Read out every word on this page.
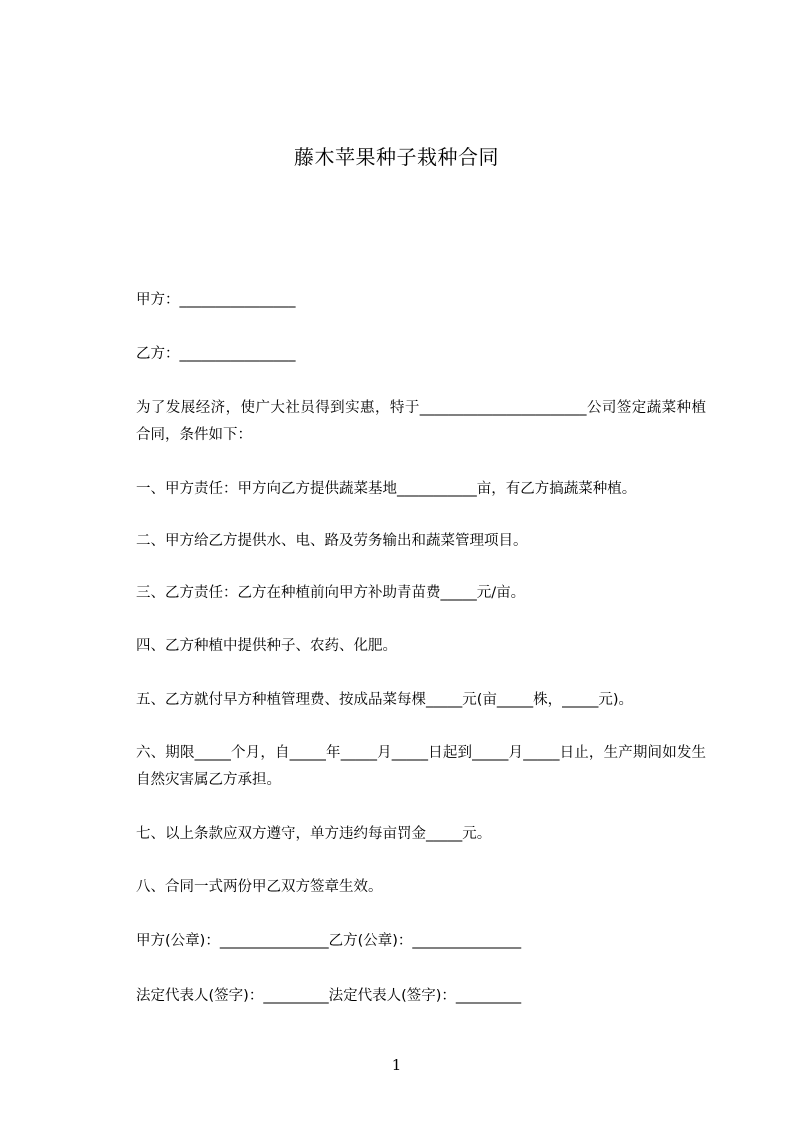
藤木苹果种子栽种合同
甲方：________________
乙方：________________
为了发展经济，使广大社员得到实惠，特于_______________________公司签定蔬菜种植合同，条件如下：
一、甲方责任：甲方向乙方提供蔬菜基地___________亩，有乙方搞蔬菜种植。
二、甲方给乙方提供水、电、路及劳务输出和蔬菜管理项目。
三、乙方责任：乙方在种植前向甲方补助青苗费_____元/亩。
四、乙方种植中提供种子、农药、化肥。
五、乙方就付早方种植管理费、按成品菜每棵_____元(亩_____株，_____元)。
六、期限_____个月，自_____年_____月_____日起到_____月_____日止，生产期间如发生自然灾害属乙方承担。
七、以上条款应双方遵守，单方违约每亩罚金_____元。
八、合同一式两份甲乙双方签章生效。
甲方(公章)：_______________乙方(公章)：_______________
法定代表人(签字)：_________法定代表人(签字)：_________
1
